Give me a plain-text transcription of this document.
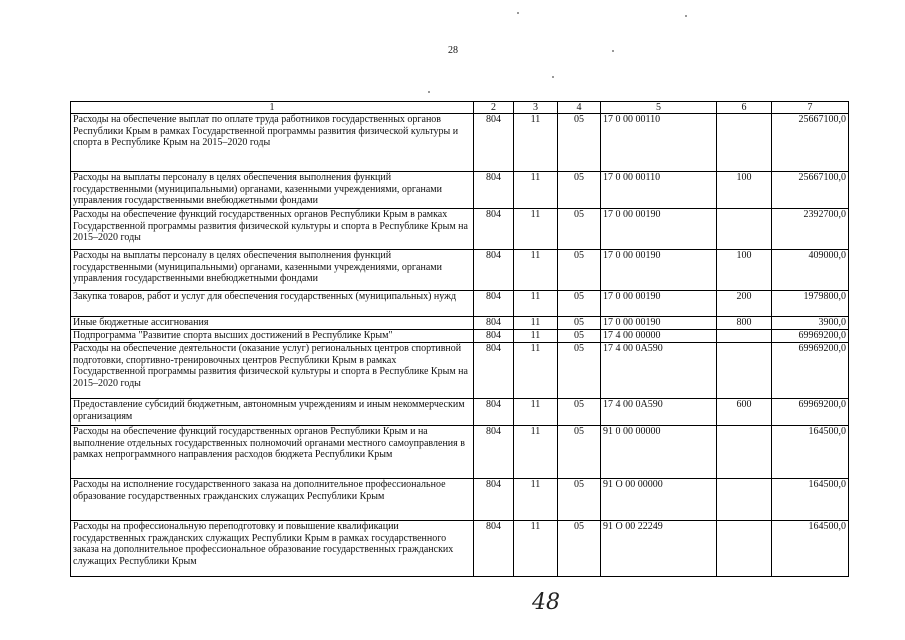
28
1	2	3	4	5	6	7
Расходы на обеспечение выплат по оплате труда работников государственных органов Республики Крым в рамках Государственной программы развития физической культуры и спорта в Республике Крым на 2015–2020 годы	804	11	05	17 0 00 00110		25667100,0
Расходы на выплаты персоналу в целях обеспечения выполнения функций государственными (муниципальными) органами, казенными учреждениями, органами управления государственными внебюджетными фондами	804	11	05	17 0 00 00110	100	25667100,0
Расходы на обеспечение функций государственных органов Республики Крым в рамках Государственной программы развития физической культуры и спорта в Республике Крым на 2015–2020 годы	804	11	05	17 0 00 00190		2392700,0
Расходы на выплаты персоналу в целях обеспечения выполнения функций государственными (муниципальными) органами, казенными учреждениями, органами управления государственными внебюджетными фондами	804	11	05	17 0 00 00190	100	409000,0
Закупка товаров, работ и услуг для обеспечения государственных (муниципальных) нужд	804	11	05	17 0 00 00190	200	1979800,0
Иные бюджетные ассигнования	804	11	05	17 0 00 00190	800	3900,0
Подпрограмма "Развитие спорта высших достижений в Республике Крым"	804	11	05	17 4 00 00000		69969200,0
Расходы на обеспечение деятельности (оказание услуг) региональных центров спортивной подготовки, спортивно-тренировочных центров Республики Крым в рамках Государственной программы развития физической культуры и спорта в Республике Крым на 2015–2020 годы	804	11	05	17 4 00 0А590		69969200,0
Предоставление субсидий бюджетным, автономным учреждениям и иным некоммерческим организациям	804	11	05	17 4 00 0А590	600	69969200,0
Расходы на обеспечение функций государственных органов Республики Крым и на выполнение отдельных государственных полномочий органами местного самоуправления в рамках непрограммного направления расходов бюджета Республики Крым	804	11	05	91 0 00 00000		164500,0
Расходы на исполнение государственного заказа на дополнительное профессиональное образование государственных гражданских служащих Республики Крым	804	11	05	91 О 00 00000		164500,0
Расходы на профессиональную переподготовку и повышение квалификации государственных гражданских служащих Республики Крым в рамках государственного заказа на дополнительное профессиональное образование государственных гражданских служащих Республики Крым	804	11	05	91 О 00 22249		164500,0
48
